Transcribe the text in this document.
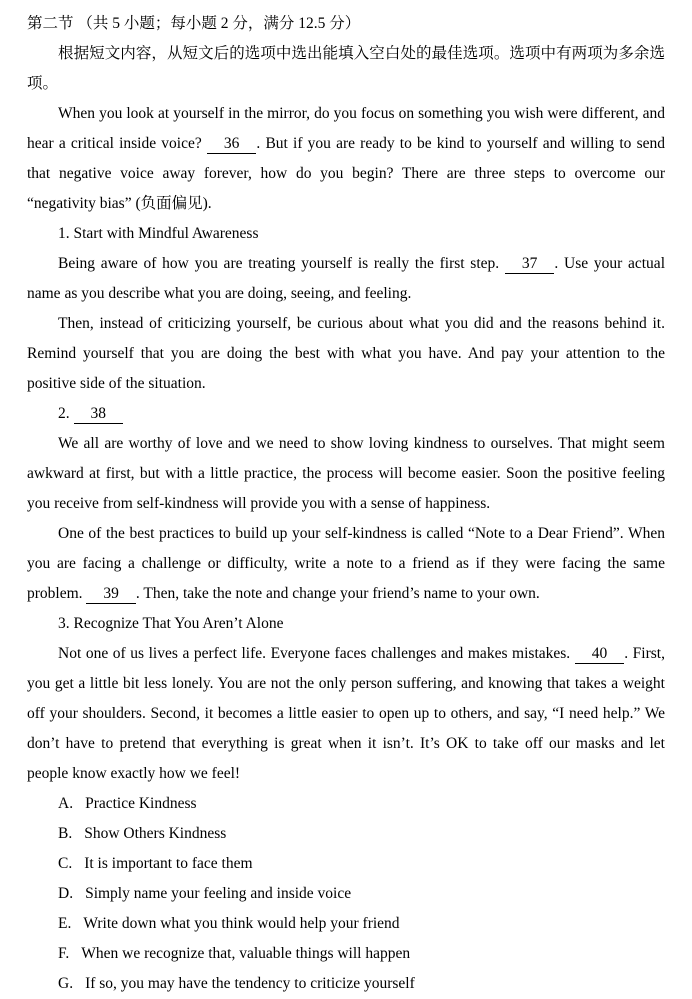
第二节 （共 5 小题；每小题 2 分，满分 12.5 分）

根据短文内容，从短文后的选项中选出能填入空白处的最佳选项。选项中有两项为多余选项。

When you look at yourself in the mirror, do you focus on something you wish were different, and hear a critical inside voice? 36 . But if you are ready to be kind to yourself and willing to send that negative voice away forever, how do you begin? There are three steps to overcome our “negativity bias” (负面偏见).

1. Start with Mindful Awareness

Being aware of how you are treating yourself is really the first step. 37 . Use your actual name as you describe what you are doing, seeing, and feeling.

Then, instead of criticizing yourself, be curious about what you did and the reasons behind it. Remind yourself that you are doing the best with what you have. And pay your attention to the positive side of the situation.

2. 38

We all are worthy of love and we need to show loving kindness to ourselves. That might seem awkward at first, but with a little practice, the process will become easier. Soon the positive feeling you receive from self-kindness will provide you with a sense of happiness.

One of the best practices to build up your self-kindness is called “Note to a Dear Friend”. When you are facing a challenge or difficulty, write a note to a friend as if they were facing the same problem. 39 . Then, take the note and change your friend’s name to your own.

3. Recognize That You Aren’t Alone

Not one of us lives a perfect life. Everyone faces challenges and makes mistakes. 40 . First, you get a little bit less lonely. You are not the only person suffering, and knowing that takes a weight off your shoulders. Second, it becomes a little easier to open up to others, and say, “I need help.” We don’t have to pretend that everything is great when it isn’t. It’s OK to take off our masks and let people know exactly how we feel!

A. Practice Kindness

B. Show Others Kindness

C. It is important to face them

D. Simply name your feeling and inside voice

E. Write down what you think would help your friend

F. When we recognize that, valuable things will happen

G. If so, you may have the tendency to criticize yourself
